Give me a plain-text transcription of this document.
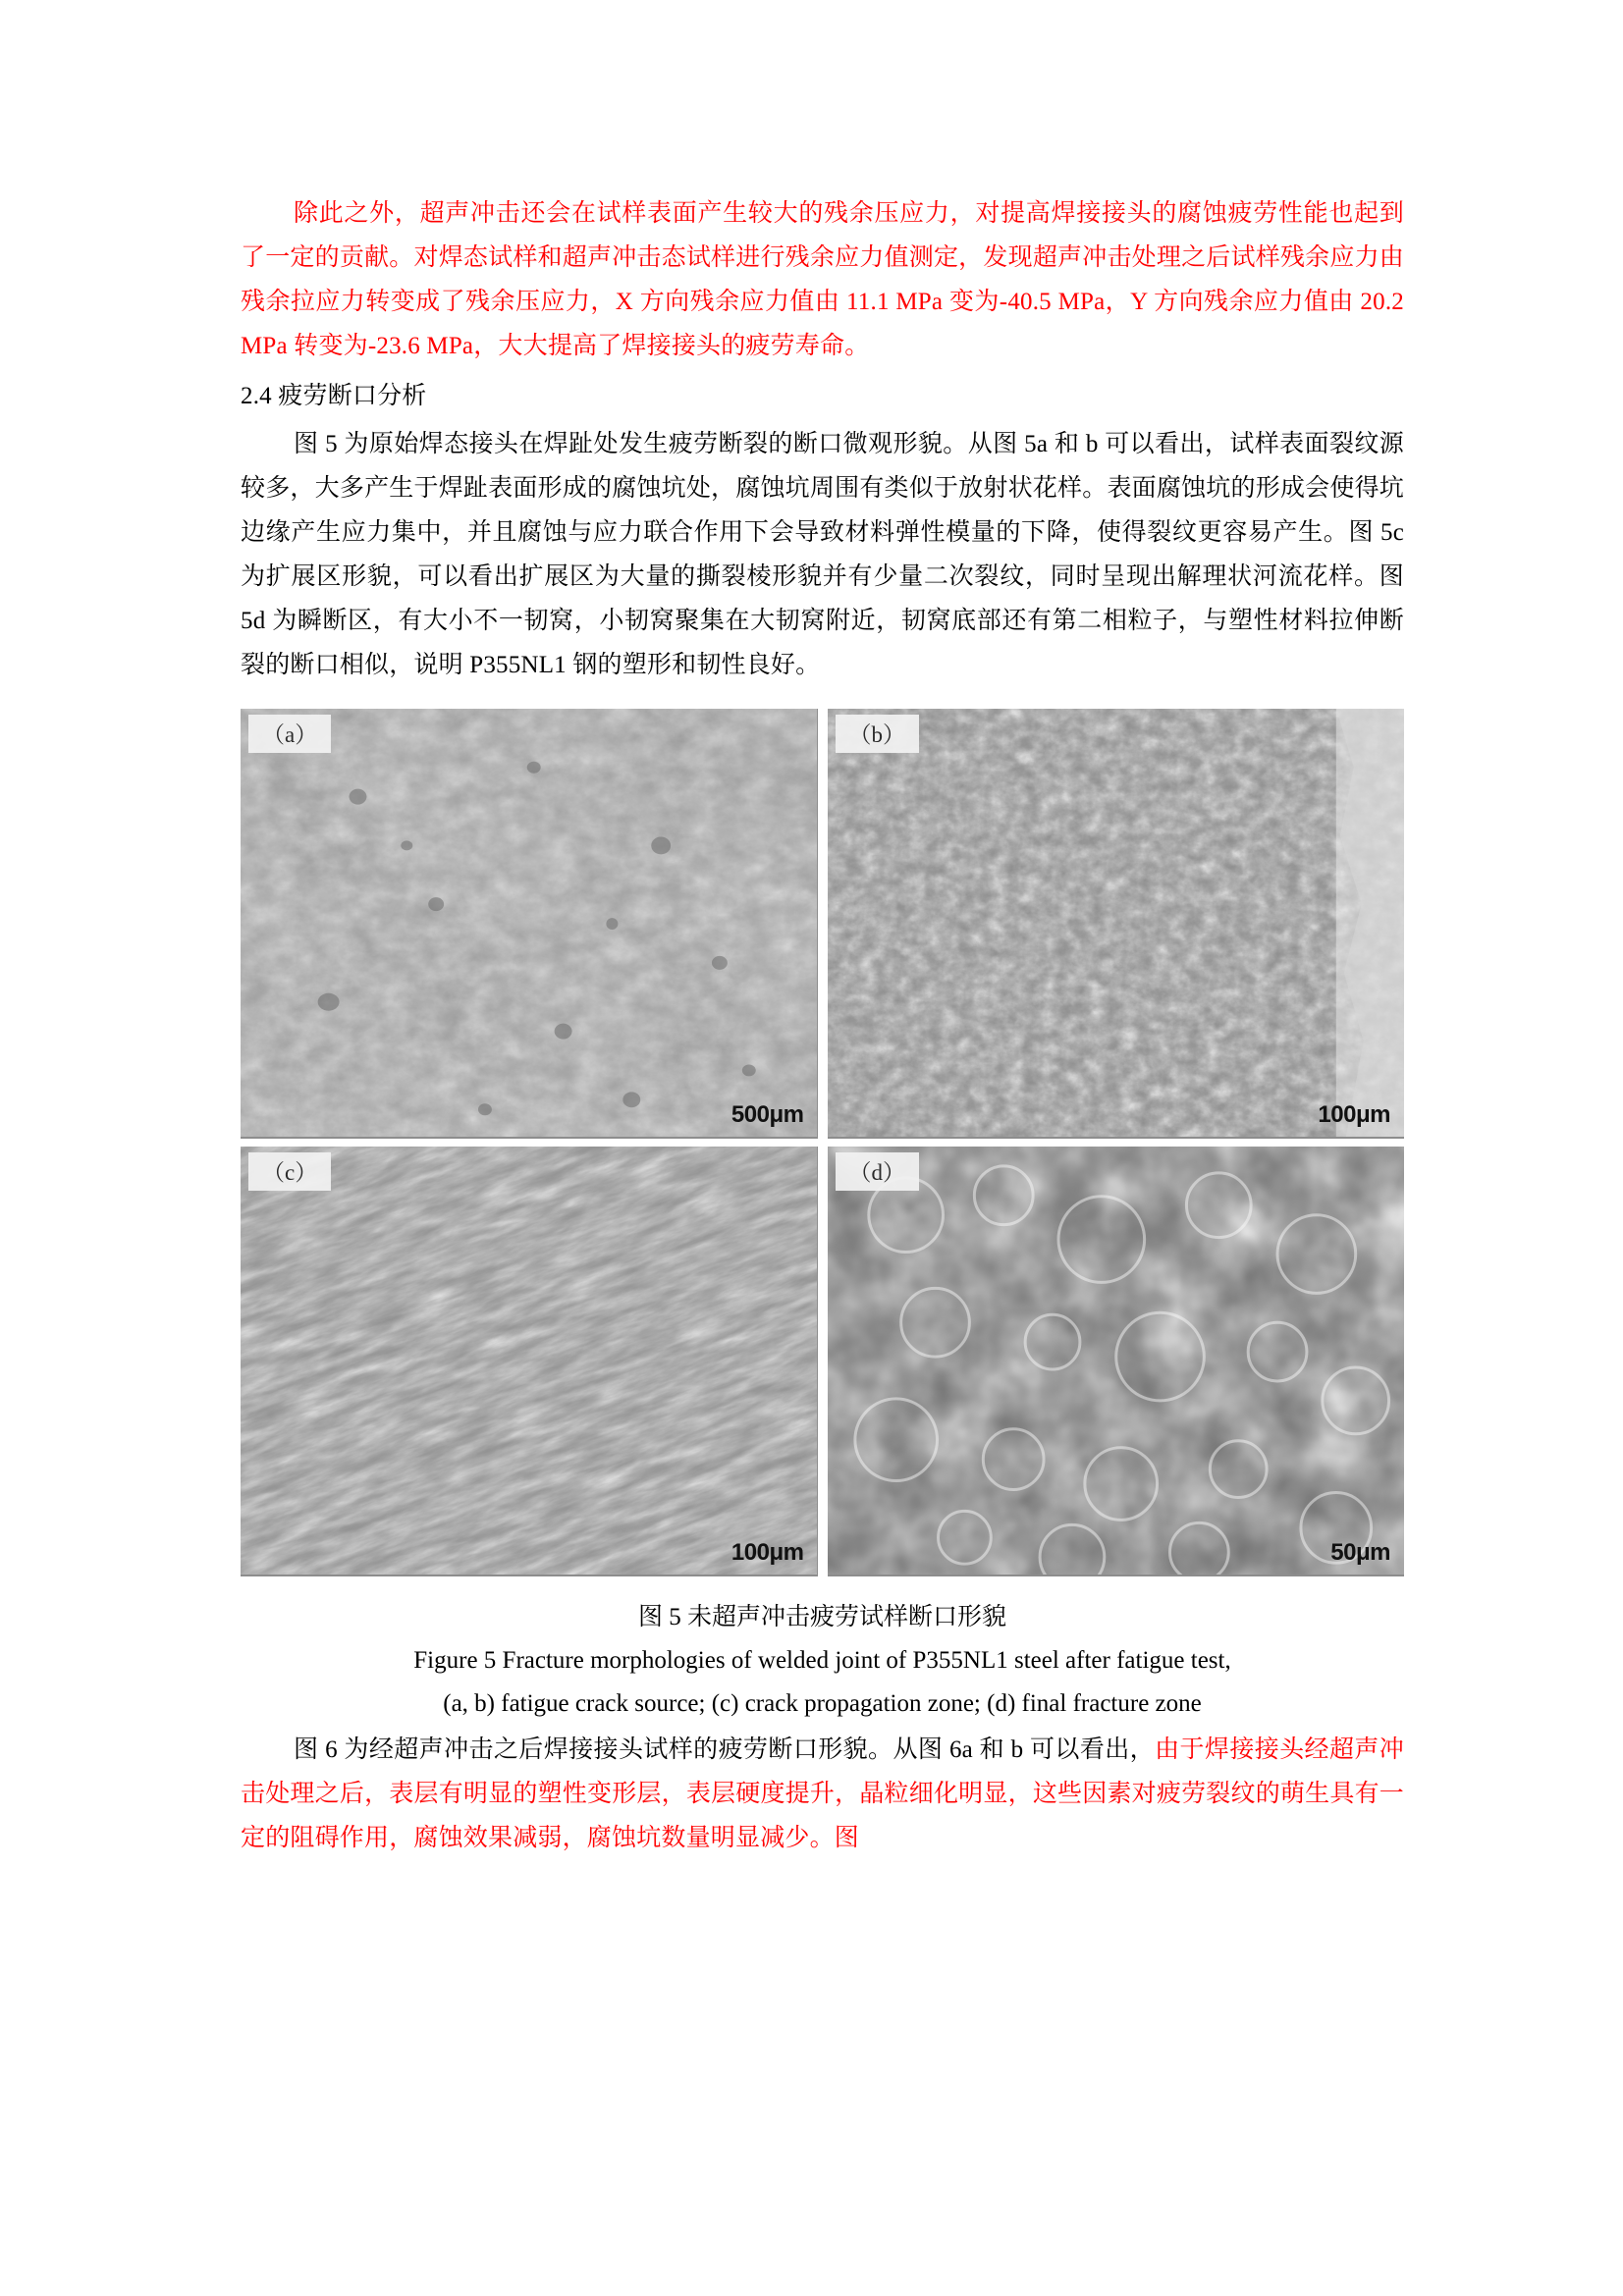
除此之外，超声冲击还会在试样表面产生较大的残余压应力，对提高焊接接头的腐蚀疲劳性能也起到了一定的贡献。对焊态试样和超声冲击态试样进行残余应力值测定，发现超声冲击处理之后试样残余应力由残余拉应力转变成了残余压应力，X 方向残余应力值由 11.1 MPa 变为-40.5 MPa，Y 方向残余应力值由 20.2 MPa 转变为-23.6 MPa，大大提高了焊接接头的疲劳寿命。

2.4 疲劳断口分析

图 5 为原始焊态接头在焊趾处发生疲劳断裂的断口微观形貌。从图 5a 和 b 可以看出，试样表面裂纹源较多，大多产生于焊趾表面形成的腐蚀坑处，腐蚀坑周围有类似于放射状花样。表面腐蚀坑的形成会使得坑边缘产生应力集中，并且腐蚀与应力联合作用下会导致材料弹性模量的下降，使得裂纹更容易产生。图 5c 为扩展区形貌，可以看出扩展区为大量的撕裂棱形貌并有少量二次裂纹，同时呈现出解理状河流花样。图 5d 为瞬断区，有大小不一韧窝，小韧窝聚集在大韧窝附近，韧窝底部还有第二相粒子，与塑性材料拉伸断裂的断口相似，说明 P355NL1 钢的塑形和韧性良好。

（a）
500μm
（b）
100μm
（c）
100μm
（d）
50μm
图 5 未超声冲击疲劳试样断口形貌
Figure 5 Fracture morphologies of welded joint of P355NL1 steel after fatigue test,
(a, b) fatigue crack source; (c) crack propagation zone; (d) final fracture zone

图 6 为经超声冲击之后焊接接头试样的疲劳断口形貌。从图 6a 和 b 可以看出，由于焊接接头经超声冲击处理之后，表层有明显的塑性变形层，表层硬度提升，晶粒细化明显，这些因素对疲劳裂纹的萌生具有一定的阻碍作用，腐蚀效果减弱，腐蚀坑数量明显减少。图
